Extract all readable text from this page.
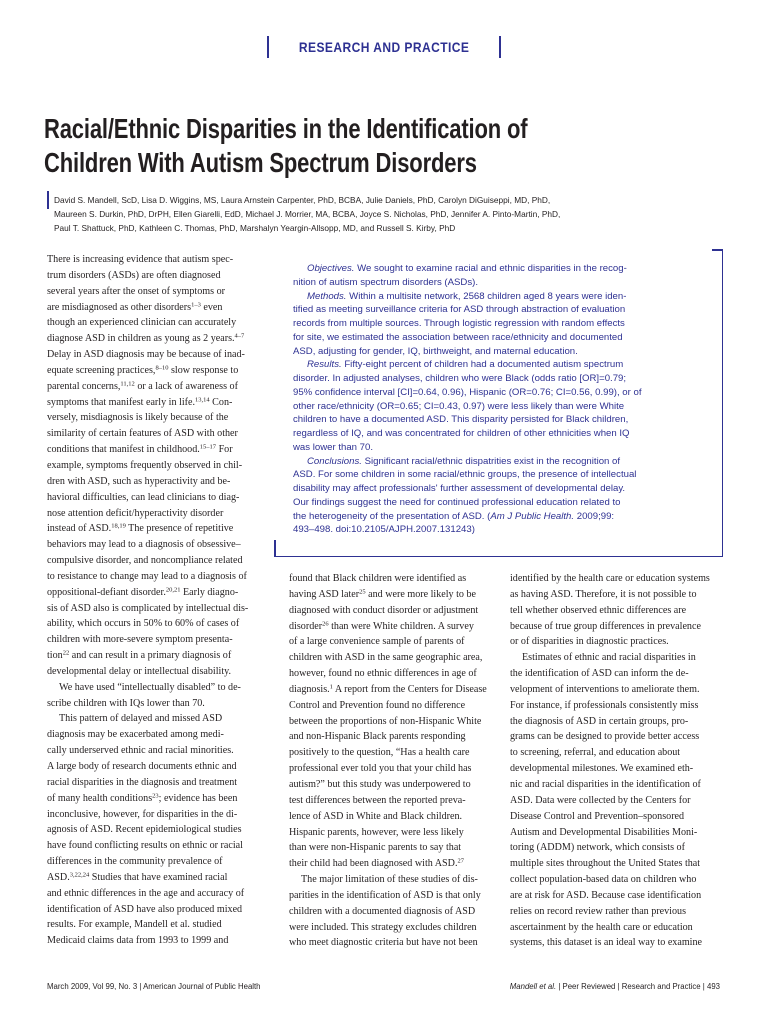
RESEARCH AND PRACTICE
Racial/Ethnic Disparities in the Identification of
Children With Autism Spectrum Disorders
David S. Mandell, ScD, Lisa D. Wiggins, MS, Laura Arnstein Carpenter, PhD, BCBA, Julie Daniels, PhD, Carolyn DiGuiseppi, MD, PhD,
Maureen S. Durkin, PhD, DrPH, Ellen Giarelli, EdD, Michael J. Morrier, MA, BCBA, Joyce S. Nicholas, PhD, Jennifer A. Pinto-Martin, PhD,
Paul T. Shattuck, PhD, Kathleen C. Thomas, PhD, Marshalyn Yeargin-Allsopp, MD, and Russell S. Kirby, PhD
Objectives. We sought to examine racial and ethnic disparities in the recog-
nition of autism spectrum disorders (ASDs).
Methods. Within a multisite network, 2568 children aged 8 years were iden-
tified as meeting surveillance criteria for ASD through abstraction of evaluation
records from multiple sources. Through logistic regression with random effects
for site, we estimated the association between race/ethnicity and documented
ASD, adjusting for gender, IQ, birthweight, and maternal education.
Results. Fifty-eight percent of children had a documented autism spectrum
disorder. In adjusted analyses, children who were Black (odds ratio [OR]=0.79;
95% confidence interval [CI]=0.64, 0.96), Hispanic (OR=0.76; CI=0.56, 0.99), or of
other race/ethnicity (OR=0.65; CI=0.43, 0.97) were less likely than were White
children to have a documented ASD. This disparity persisted for Black children,
regardless of IQ, and was concentrated for children of other ethnicities when IQ
was lower than 70.
Conclusions. Significant racial/ethnic dispatrities exist in the recognition of
ASD. For some children in some racial/ethnic groups, the presence of intellectual
disability may affect professionals' further assessment of developmental delay.
Our findings suggest the need for continued professional education related to
the heterogeneity of the presentation of ASD. (Am J Public Health. 2009;99:
493–498. doi:10.2105/AJPH.2007.131243)
There is increasing evidence that autism spec-
trum disorders (ASDs) are often diagnosed
several years after the onset of symptoms or
are misdiagnosed as other disorders$^{1-3}$ even
though an experienced clinician can accurately
diagnose ASD in children as young as 2 years.$^{4-7}$
Delay in ASD diagnosis may be because of inad-
equate screening practices,$^{8-10}$ slow response to
parental concerns,$^{11,12}$ or a lack of awareness of
symptoms that manifest early in life.$^{13,14}$ Con-
versely, misdiagnosis is likely because of the
similarity of certain features of ASD with other
conditions that manifest in childhood.$^{15-17}$ For
example, symptoms frequently observed in chil-
dren with ASD, such as hyperactivity and be-
havioral difficulties, can lead clinicians to diag-
nose attention deficit/hyperactivity disorder
instead of ASD.$^{18,19}$ The presence of repetitive
behaviors may lead to a diagnosis of obsessive–
compulsive disorder, and noncompliance related
to resistance to change may lead to a diagnosis of
oppositional-defiant disorder.$^{20,21}$ Early diagno-
sis of ASD also is complicated by intellectual dis-
ability, which occurs in 50% to 60% of cases of
children with more-severe symptom presenta-
tion$^{22}$ and can result in a primary diagnosis of
developmental delay or intellectual disability.
We have used “intellectually disabled” to de-
scribe children with IQs lower than 70.
This pattern of delayed and missed ASD
diagnosis may be exacerbated among medi-
cally underserved ethnic and racial minorities.
A large body of research documents ethnic and
racial disparities in the diagnosis and treatment
of many health conditions$^{23}$; evidence has been
inconclusive, however, for disparities in the di-
agnosis of ASD. Recent epidemiological studies
have found conflicting results on ethnic or racial
differences in the community prevalence of
ASD.$^{3,22,24}$ Studies that have examined racial
and ethnic differences in the age and accuracy of
identification of ASD have also produced mixed
results. For example, Mandell et al. studied
Medicaid claims data from 1993 to 1999 and
found that Black children were identified as
having ASD later$^{25}$ and were more likely to be
diagnosed with conduct disorder or adjustment
disorder$^{26}$ than were White children. A survey
of a large convenience sample of parents of
children with ASD in the same geographic area,
however, found no ethnic differences in age of
diagnosis.$^1$ A report from the Centers for Disease
Control and Prevention found no difference
between the proportions of non-Hispanic White
and non-Hispanic Black parents responding
positively to the question, “Has a health care
professional ever told you that your child has
autism?” but this study was underpowered to
test differences between the reported preva-
lence of ASD in White and Black children.
Hispanic parents, however, were less likely
than were non-Hispanic parents to say that
their child had been diagnosed with ASD.$^{27}$
The major limitation of these studies of dis-
parities in the identification of ASD is that only
children with a documented diagnosis of ASD
were included. This strategy excludes children
who meet diagnostic criteria but have not been
identified by the health care or education systems
as having ASD. Therefore, it is not possible to
tell whether observed ethnic differences are
because of true group differences in prevalence
or of disparities in diagnostic practices.
Estimates of ethnic and racial disparities in
the identification of ASD can inform the de-
velopment of interventions to ameliorate them.
For instance, if professionals consistently miss
the diagnosis of ASD in certain groups, pro-
grams can be designed to provide better access
to screening, referral, and education about
developmental milestones. We examined eth-
nic and racial disparities in the identification of
ASD. Data were collected by the Centers for
Disease Control and Prevention–sponsored
Autism and Developmental Disabilities Moni-
toring (ADDM) network, which consists of
multiple sites throughout the United States that
collect population-based data on children who
are at risk for ASD. Because case identification
relies on record review rather than previous
ascertainment by the health care or education
systems, this dataset is an ideal way to examine
March 2009, Vol 99, No. 3 | American Journal of Public Health	Mandell et al. | Peer Reviewed | Research and Practice | 493
